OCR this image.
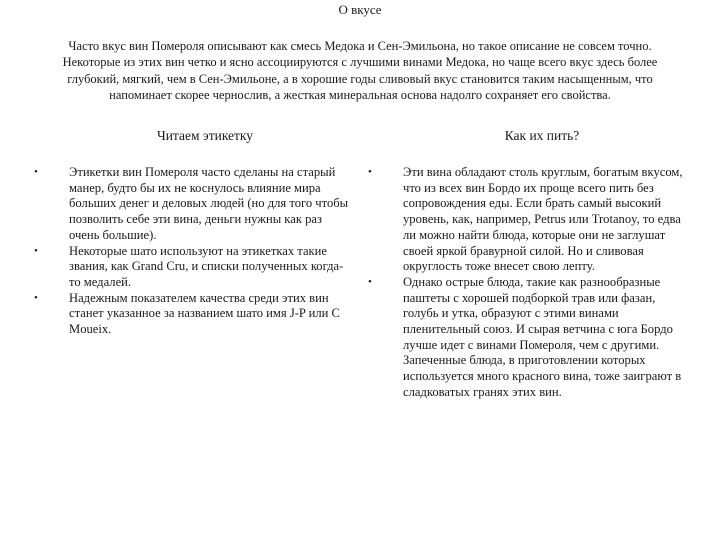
О вкусе
Часто вкус вин Помероля описывают как смесь Медока и Сен-Эмильона, но такое описание не совсем точно. Некоторые из этих вин четко и ясно ассоциируются с лучшими винами Медока, но чаще всего вкус здесь более глубокий, мягкий, чем в Сен-Эмильоне, а в хорошие годы сливовый вкус становится таким насыщенным, что напоминает скорее чернослив, а жесткая минеральная основа надолго сохраняет его свойства.
Читаем этикетку	Как их пить?
• Этикетки вин Помероля часто сделаны на старый манер, будто бы их не коснулось влияние мира больших денег и деловых людей (но для того чтобы позволить себе эти вина, деньги нужны как раз очень большие).
• Некоторые шато используют на этикетках такие звания, как Grand Cru, и списки полученных когда-то медалей.
• Надежным показателем качества среди этих вин станет указанное за названием шато имя J-P или С Moueix.
• Эти вина обладают столь круглым, богатым вкусом, что из всех вин Бордо их проще всего пить без сопровождения еды. Если брать самый высокий уровень, как, например, Petrus или Trotanoy, то едва ли можно найти блюда, которые они не заглушат своей яркой бравурной силой. Но и сливовая округлость тоже внесет свою лепту.
• Однако острые блюда, такие как разнообразные паштеты с хорошей подборкой трав или фазан, голубь и утка, образуют с этими винами пленительный союз. И сырая ветчина с юга Бордо лучше идет с винами Помероля, чем с другими. Запеченные блюда, в приготовлении которых используется много красного вина, тоже заиграют в сладковатых гранях этих вин.
